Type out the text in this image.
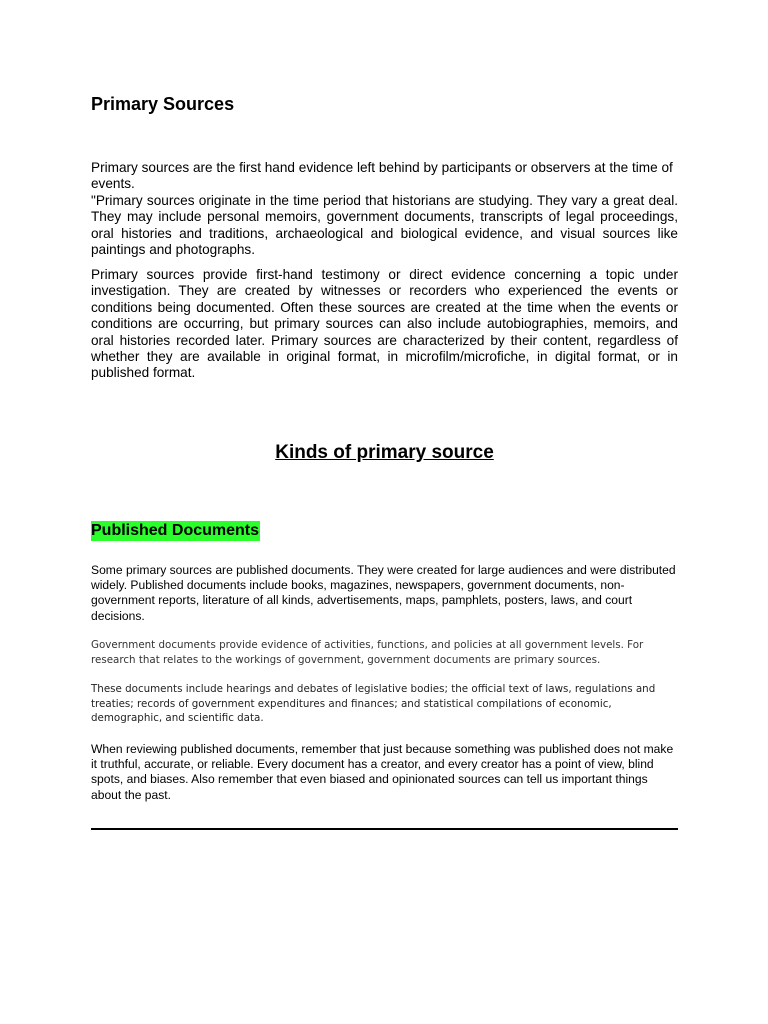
Primary Sources

Primary sources are the first hand evidence left behind by participants or observers at the time of events.

"Primary sources originate in the time period that historians are studying. They vary a great deal. They may include personal memoirs, government documents, transcripts of legal proceedings, oral histories and traditions, archaeological and biological evidence, and visual sources like paintings and photographs.

Primary sources provide first-hand testimony or direct evidence concerning a topic under investigation. They are created by witnesses or recorders who experienced the events or conditions being documented. Often these sources are created at the time when the events or conditions are occurring, but primary sources can also include autobiographies, memoirs, and oral histories recorded later. Primary sources are characterized by their content, regardless of whether they are available in original format, in microfilm/microfiche, in digital format, or in published format.

Kinds of primary source
Published Documents

Some primary sources are published documents. They were created for large audiences and were distributed widely. Published documents include books, magazines, newspapers, government documents, non-government reports, literature of all kinds, advertisements, maps, pamphlets, posters, laws, and court decisions.

Government documents provide evidence of activities, functions, and policies at all government levels. For research that relates to the workings of government, government documents are primary sources.

These documents include hearings and debates of legislative bodies; the official text of laws, regulations and treaties; records of government expenditures and finances; and statistical compilations of economic, demographic, and scientific data.

When reviewing published documents, remember that just because something was published does not make it truthful, accurate, or reliable. Every document has a creator, and every creator has a point of view, blind spots, and biases. Also remember that even biased and opinionated sources can tell us important things about the past.
